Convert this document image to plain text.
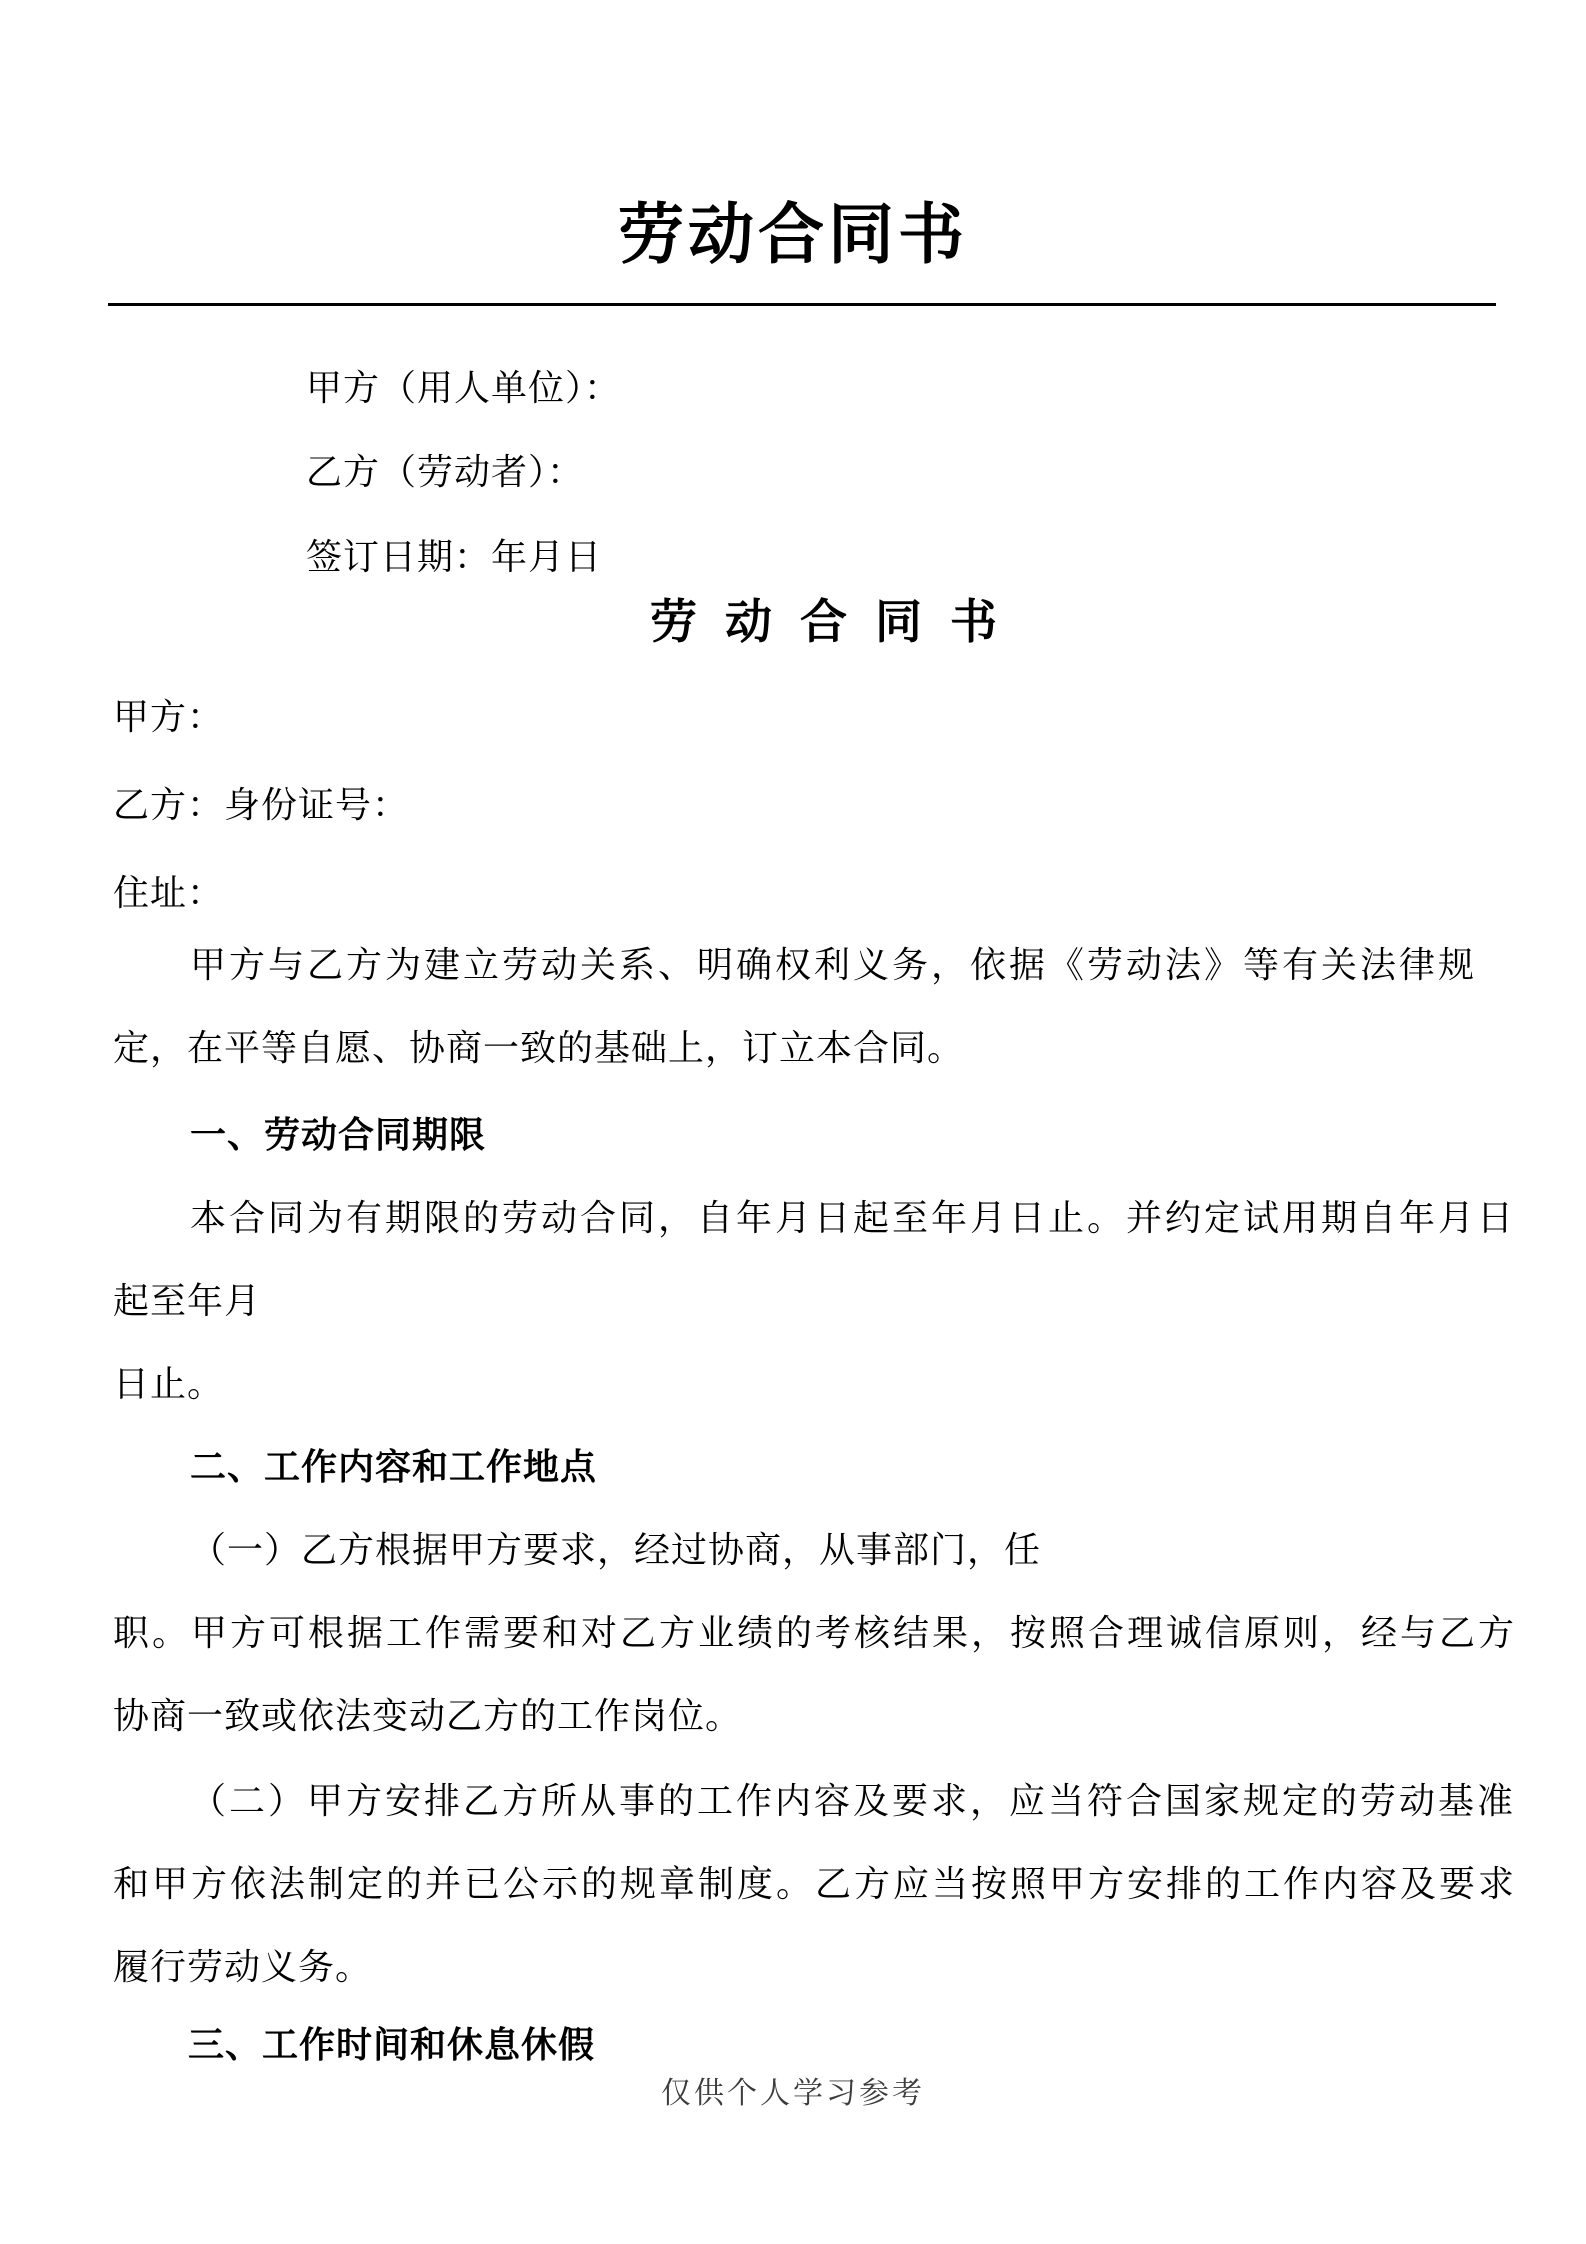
劳动合同书
甲方（用人单位）：
乙方（劳动者）：
签订日期：年月日
劳动合同书
甲方：
乙方：身份证号：
住址：
甲方与乙方为建立劳动关系、明确权利义务，依据《劳动法》等有关法律规
定，在平等自愿、协商一致的基础上，订立本合同。
一、劳动合同期限
本合同为有期限的劳动合同，自年月日起至年月日止。并约定试用期自年月日
起至年月
日止。
二、工作内容和工作地点
（一）乙方根据甲方要求，经过协商，从事部门，任
职。甲方可根据工作需要和对乙方业绩的考核结果，按照合理诚信原则，经与乙方
协商一致或依法变动乙方的工作岗位。
（二）甲方安排乙方所从事的工作内容及要求，应当符合国家规定的劳动基准
和甲方依法制定的并已公示的规章制度。乙方应当按照甲方安排的工作内容及要求
履行劳动义务。
三、工作时间和休息休假
仅供个人学习参考
